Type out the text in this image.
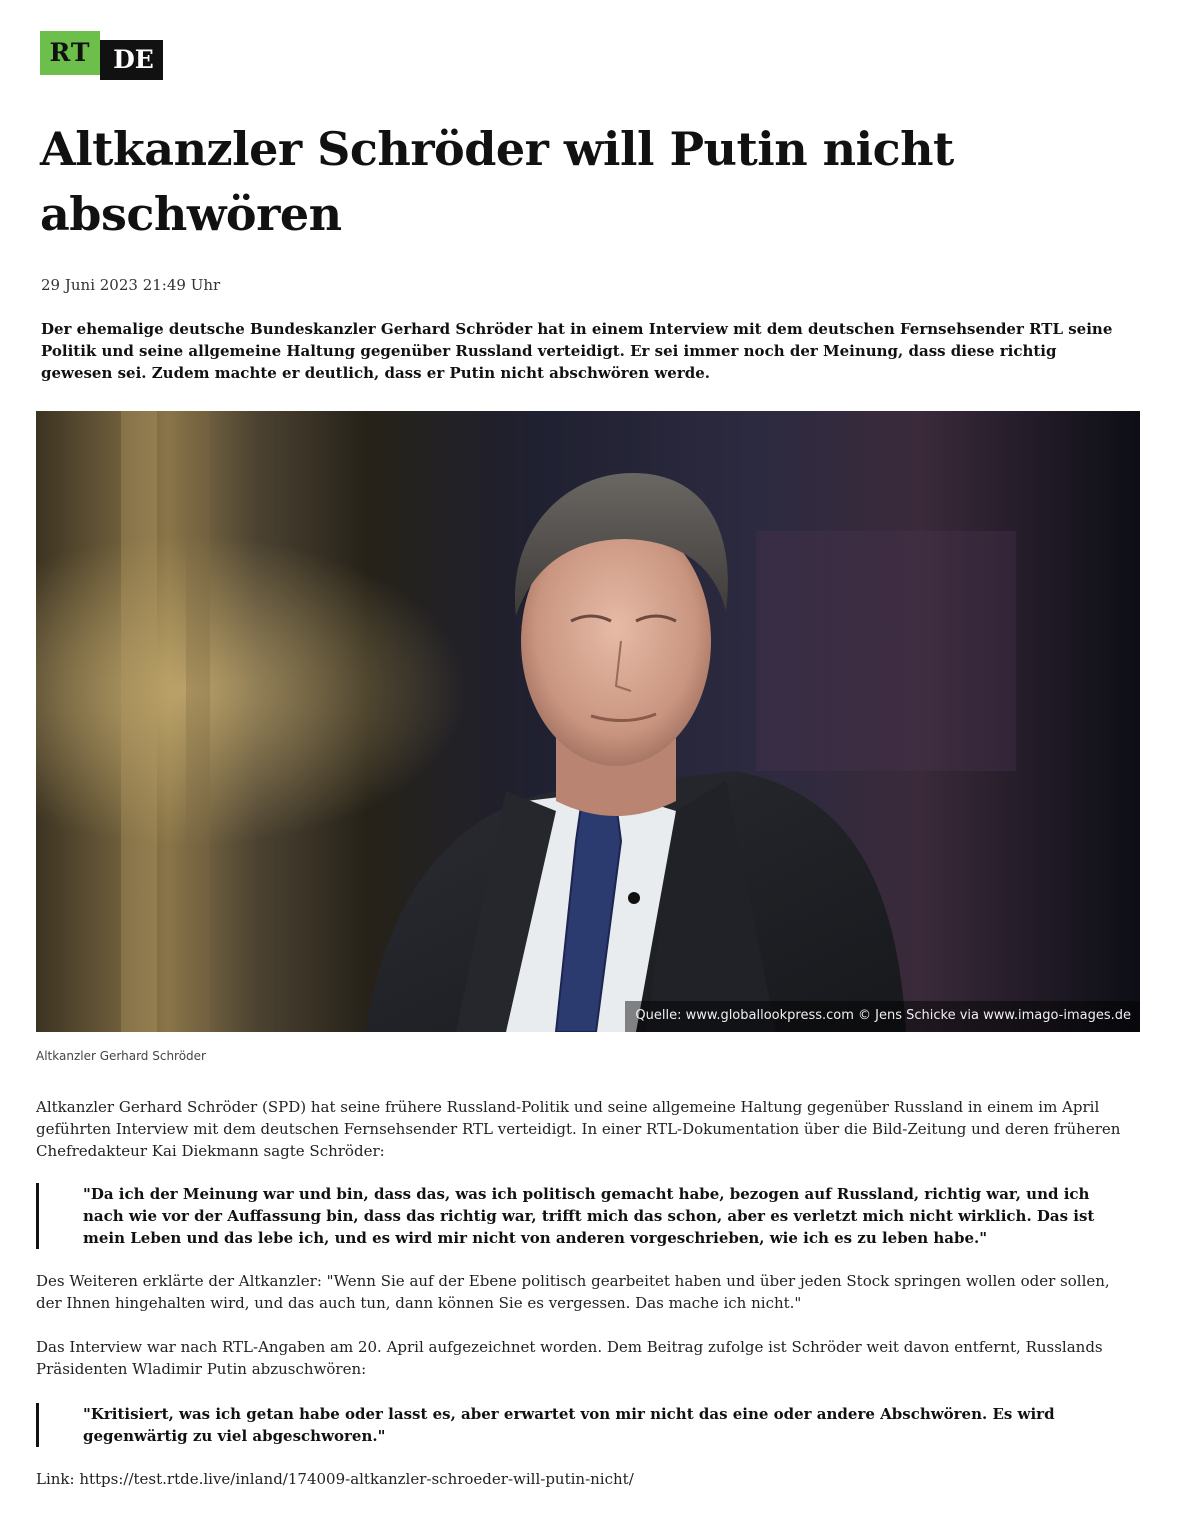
RT DE
Altkanzler Schröder will Putin nicht abschwören
29 Juni 2023 21:49 Uhr

Der ehemalige deutsche Bundeskanzler Gerhard Schröder hat in einem Interview mit dem deutschen Fernsehsender RTL seine Politik und seine allgemeine Haltung gegenüber Russland verteidigt. Er sei immer noch der Meinung, dass diese richtig gewesen sei. Zudem machte er deutlich, dass er Putin nicht abschwören werde.

Quelle: www.globallookpress.com © Jens Schicke via www.imago-images.de
Altkanzler Gerhard Schröder

Altkanzler Gerhard Schröder (SPD) hat seine frühere Russland-Politik und seine allgemeine Haltung gegenüber Russland in einem im April geführten Interview mit dem deutschen Fernsehsender RTL verteidigt. In einer RTL-Dokumentation über die Bild-Zeitung und deren früheren Chefredakteur Kai Diekmann sagte Schröder:

"Da ich der Meinung war und bin, dass das, was ich politisch gemacht habe, bezogen auf Russland, richtig war, und ich nach wie vor der Auffassung bin, dass das richtig war, trifft mich das schon, aber es verletzt mich nicht wirklich. Das ist mein Leben und das lebe ich, und es wird mir nicht von anderen vorgeschrieben, wie ich es zu leben habe."

Des Weiteren erklärte der Altkanzler: "Wenn Sie auf der Ebene politisch gearbeitet haben und über jeden Stock springen wollen oder sollen, der Ihnen hingehalten wird, und das auch tun, dann können Sie es vergessen. Das mache ich nicht."

Das Interview war nach RTL-Angaben am 20. April aufgezeichnet worden. Dem Beitrag zufolge ist Schröder weit davon entfernt, Russlands Präsidenten Wladimir Putin abzuschwören:

"Kritisiert, was ich getan habe oder lasst es, aber erwartet von mir nicht das eine oder andere Abschwören. Es wird gegenwärtig zu viel abgeschworen."
Link: https://test.rtde.live/inland/174009-altkanzler-schroeder-will-putin-nicht/
